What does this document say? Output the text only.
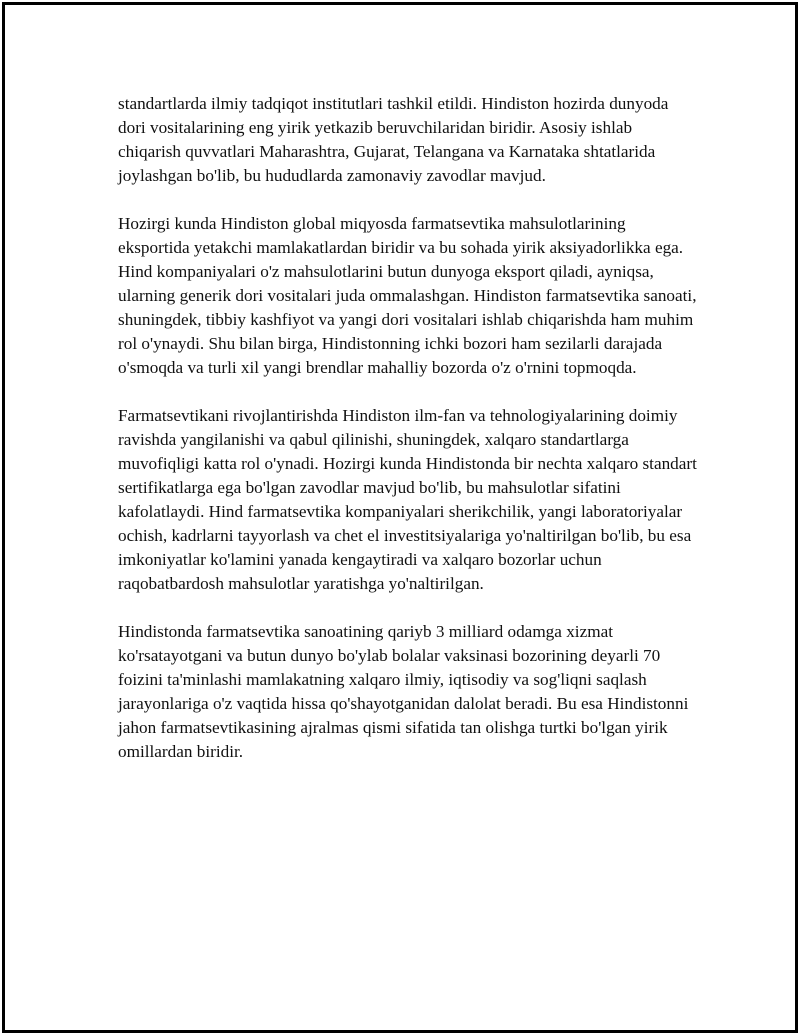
standartlarda ilmiy tadqiqot institutlari tashkil etildi. Hindiston hozirda dunyoda dori vositalarining eng yirik yetkazib beruvchilaridan biridir. Asosiy ishlab chiqarish quvvatlari Maharashtra, Gujarat, Telangana va Karnataka shtatlarida joylashgan bo'lib, bu hududlarda zamonaviy zavodlar mavjud.

Hozirgi kunda Hindiston global miqyosda farmatsevtika mahsulotlarining eksportida yetakchi mamlakatlardan biridir va bu sohada yirik aksiyadorlikka ega. Hind kompaniyalari o'z mahsulotlarini butun dunyoga eksport qiladi, ayniqsa, ularning generik dori vositalari juda ommalashgan. Hindiston farmatsevtika sanoati, shuningdek, tibbiy kashfiyot va yangi dori vositalari ishlab chiqarishda ham muhim rol o'ynaydi. Shu bilan birga, Hindistonning ichki bozori ham sezilarli darajada o'smoqda va turli xil yangi brendlar mahalliy bozorda o'z o'rnini topmoqda.

Farmatsevtikani rivojlantirishda Hindiston ilm-fan va tehnologiyalarining doimiy ravishda yangilanishi va qabul qilinishi, shuningdek, xalqaro standartlarga muvofiqligi katta rol o'ynadi. Hozirgi kunda Hindistonda bir nechta xalqaro standart sertifikatlarga ega bo'lgan zavodlar mavjud bo'lib, bu mahsulotlar sifatini kafolatlaydi. Hind farmatsevtika kompaniyalari sherikchilik, yangi laboratoriyalar ochish, kadrlarni tayyorlash va chet el investitsiyalariga yo'naltirilgan bo'lib, bu esa imkoniyatlar ko'lamini yanada kengaytiradi va xalqaro bozorlar uchun raqobatbardosh mahsulotlar yaratishga yo'naltirilgan.

Hindistonda farmatsevtika sanoatining qariyb 3 milliard odamga xizmat ko'rsatayotgani va butun dunyo bo'ylab bolalar vaksinasi bozorining deyarli 70 foizini ta'minlashi mamlakatning xalqaro ilmiy, iqtisodiy va sog'liqni saqlash jarayonlariga o'z vaqtida hissa qo'shayotganidan dalolat beradi. Bu esa Hindistonni jahon farmatsevtikasining ajralmas qismi sifatida tan olishga turtki bo'lgan yirik omillardan biridir.
